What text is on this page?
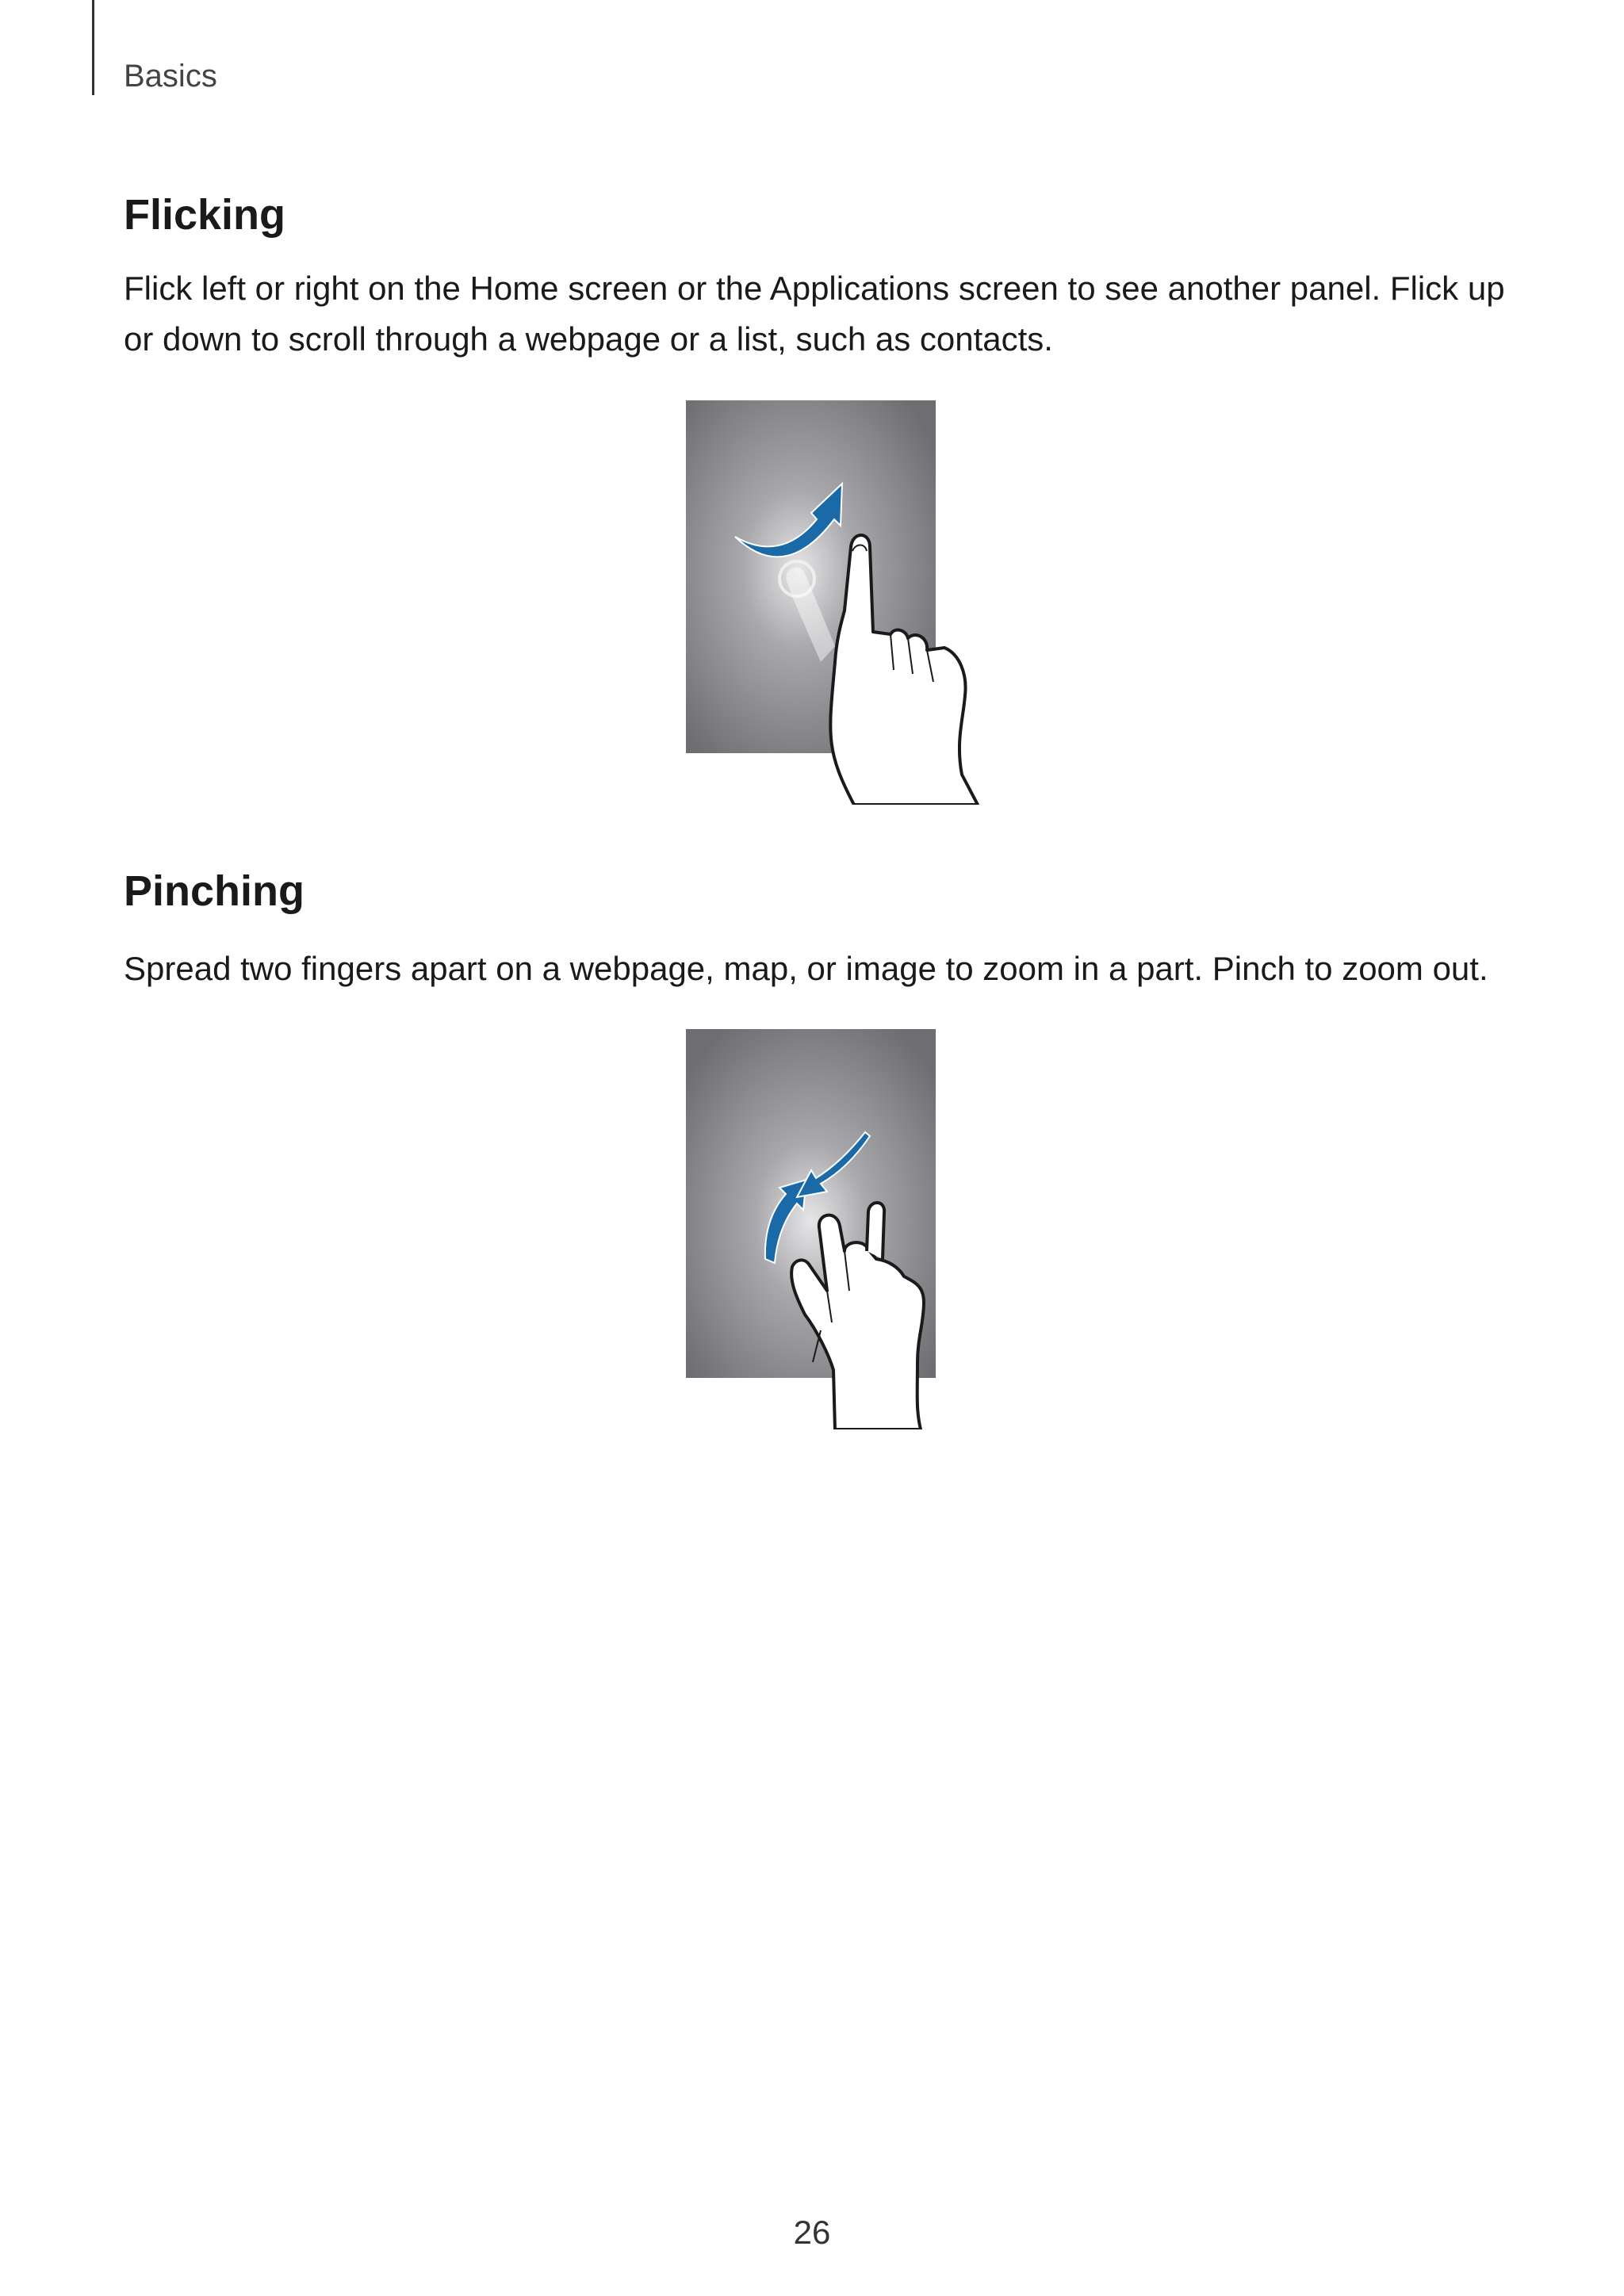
Basics
Flicking

Flick left or right on the Home screen or the Applications screen to see another panel. Flick up or down to scroll through a webpage or a list, such as contacts.

Pinching

Spread two fingers apart on a webpage, map, or image to zoom in a part. Pinch to zoom out.

26
